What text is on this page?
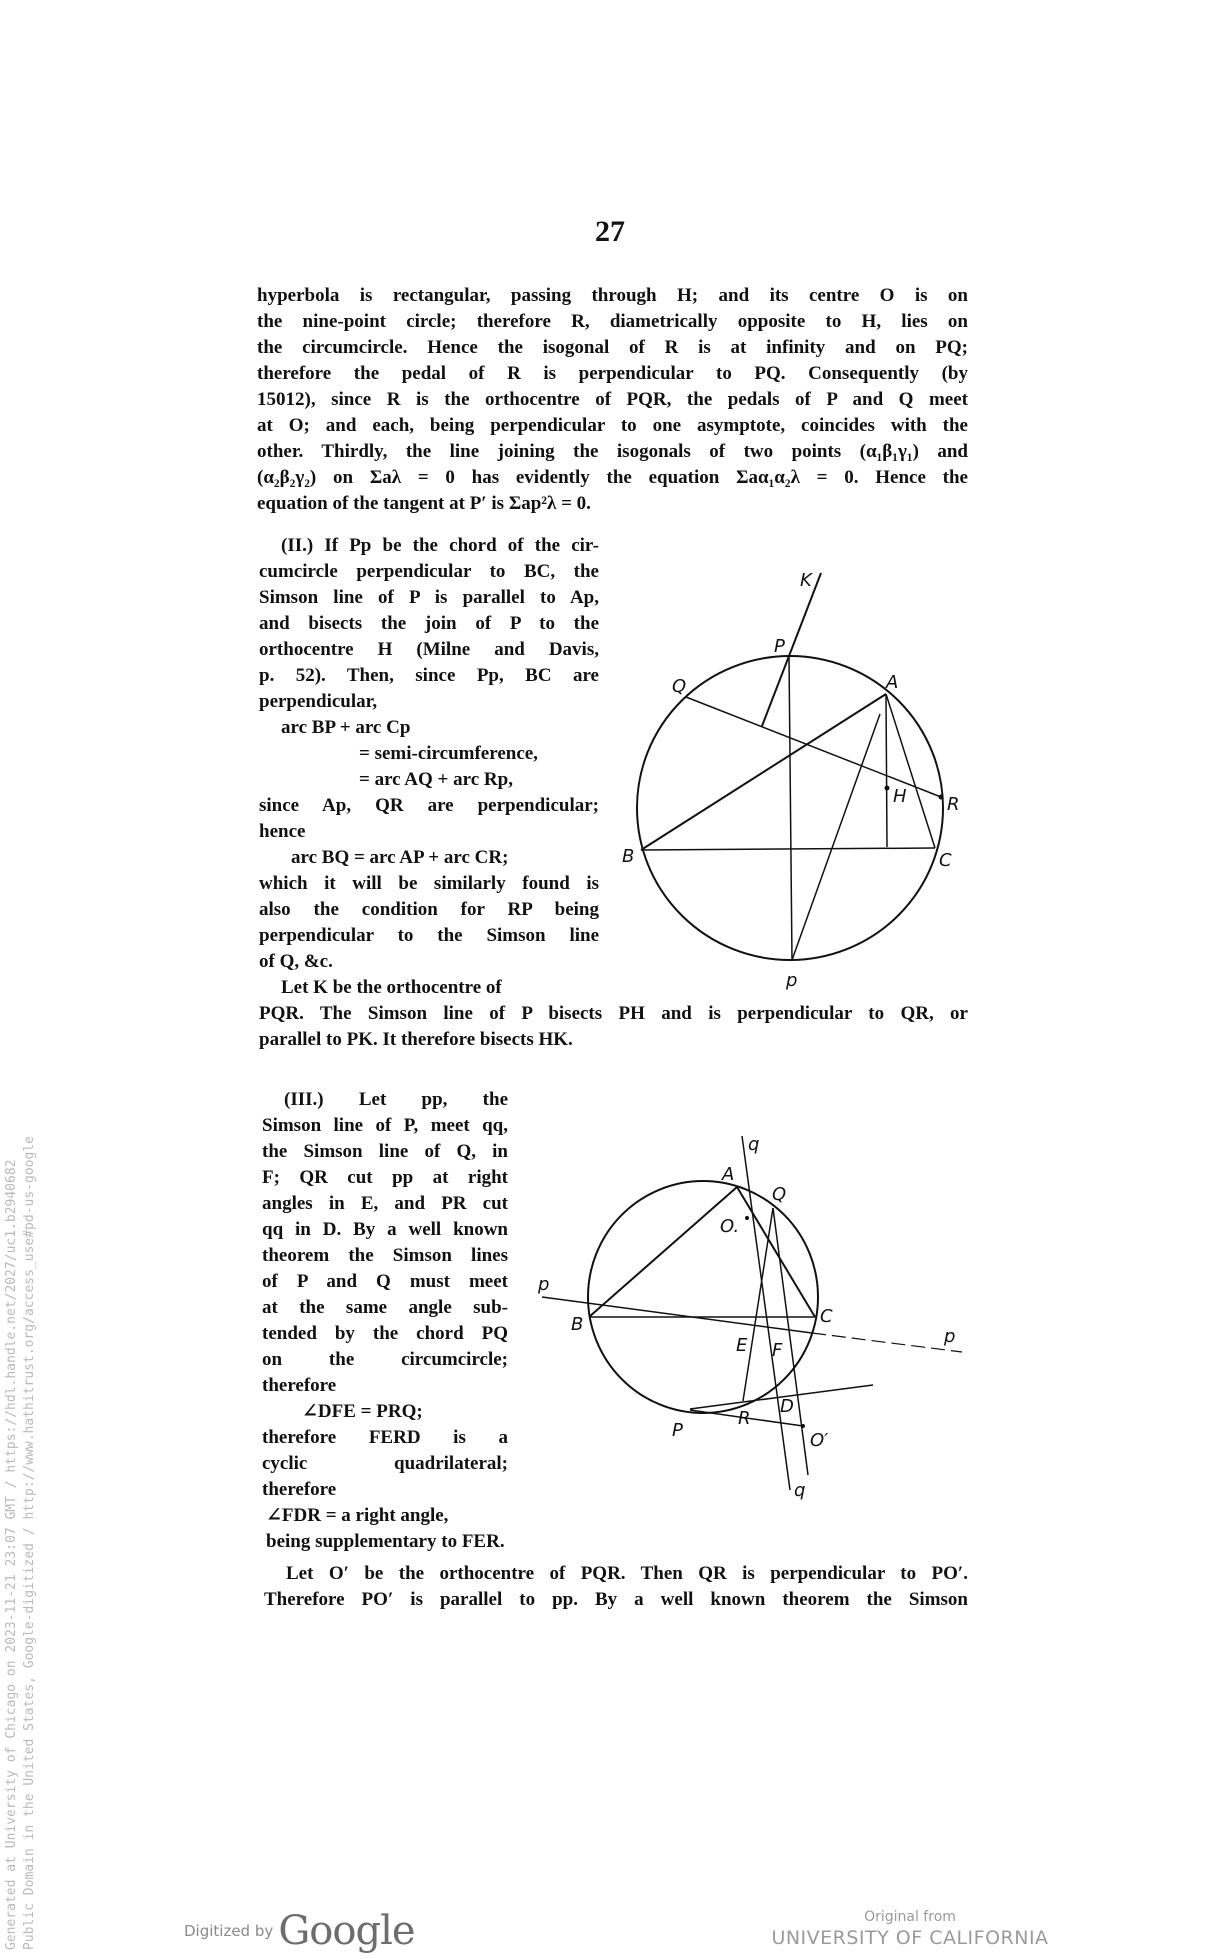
27
hyperbola is rectangular, passing through H; and its centre O is on
the nine-point circle; therefore R, diametrically opposite to H, lies on
the circumcircle. Hence the isogonal of R is at infinity and on PQ;
therefore the pedal of R is perpendicular to PQ. Consequently (by
15012), since R is the orthocentre of PQR, the pedals of P and Q meet
at O; and each, being perpendicular to one asymptote, coincides with the
other. Thirdly, the line joining the isogonals of two points (α₁β₁γ₁) and
(α₂β₂γ₂) on Σaλ = 0 has evidently the equation Σaα₁α₂λ = 0. Hence the
equation of the tangent at P′ is Σap²λ = 0.
(II.) If Pp be the chord of the cir-
cumcircle perpendicular to BC, the
Simson line of P is parallel to Ap,
and bisects the join of P to the
orthocentre H (Milne and Davis,
p. 52). Then, since Pp, BC are
perpendicular,
arc BP + arc Cp
= semi-circumference,
= arc AQ + arc Rp,
since Ap, QR are perpendicular;
hence
arc BQ = arc AP + arc CR;
which it will be similarly found is
also the condition for RP being
perpendicular to the Simson line
of Q, &c.
Let K be the orthocentre of
PQR. The Simson line of P bisects PH and is perpendicular to QR, or
parallel to PK. It therefore bisects HK.
K
P
Q	A
H R
B	C
p
(III.) Let pp, the
Simson line of P, meet qq,
the Simson line of Q, in
F; QR cut pp at right
angles in E, and PR cut
qq in D. By a well known
theorem the Simson lines
of P and Q must meet
at the same angle sub-
tended by the chord PQ
on the circumcircle;
therefore
∠DFE = PRQ;
therefore FERD is a
cyclic quadrilateral;
therefore
∠FDR = a right angle,
being supplementary to FER.
Let O′ be the orthocentre of PQR. Then QR is perpendicular to PO′.
Therefore PO′ is parallel to pp. By a well known theorem the Simson
q
A
Q
O.
p
B	C
E F
p
R
D
P	O′
q
Generated at University of Chicago on 2023-11-21 23:07 GMT / https://hdl.handle.net/2027/uc1.b2940682 Public Domain in the United States, Google-digitized / http://www.hathitrust.org/access_use#pd-us-google	Digitized by Google	Original from
UNIVERSITY OF CALIFORNIA
